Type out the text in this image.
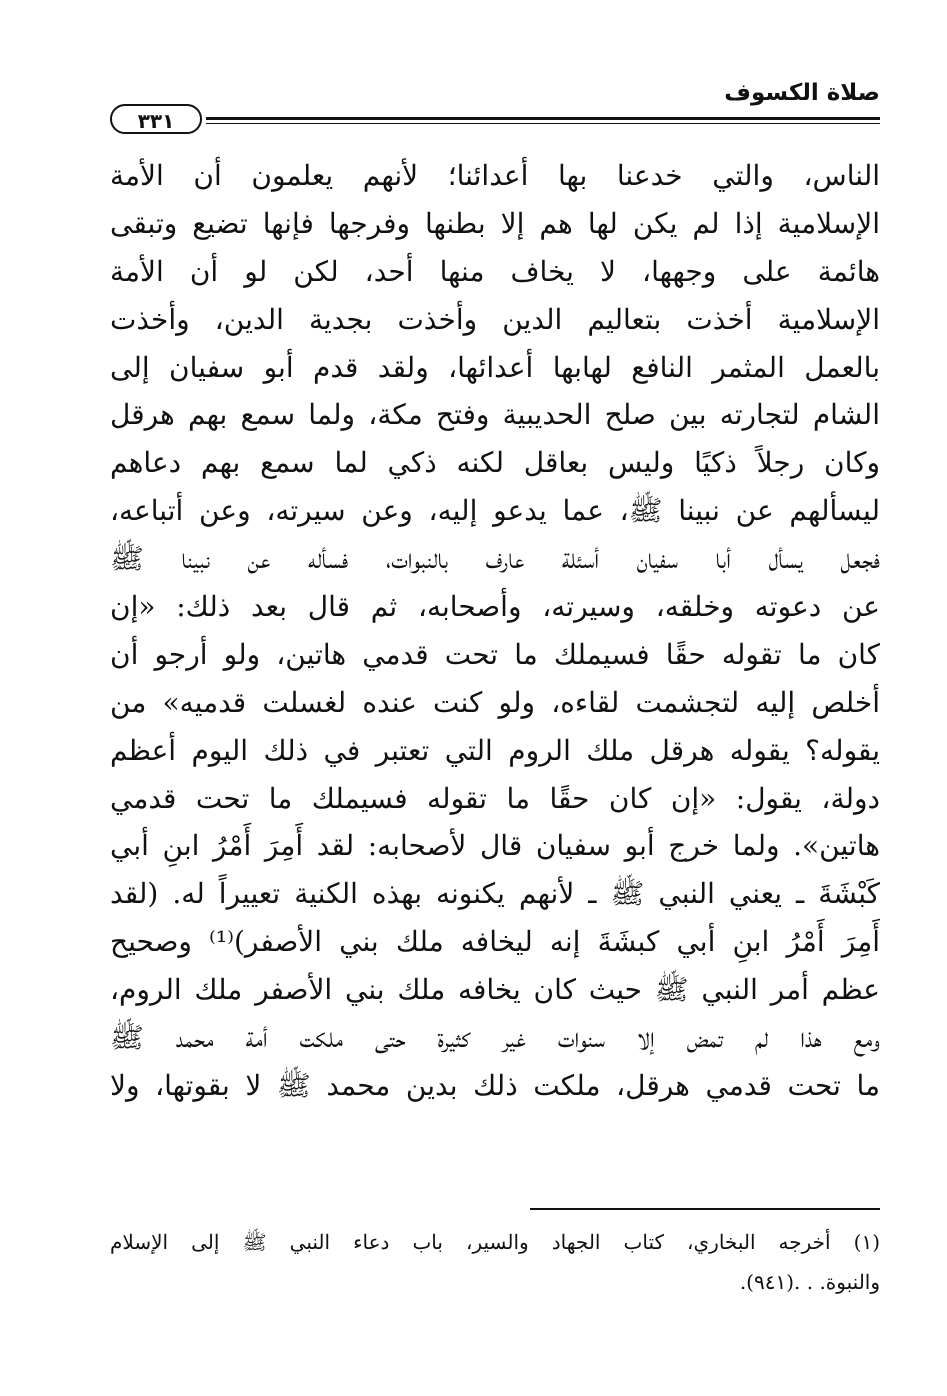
صلاة الكسوف
٣٣١
الناس، والتي خدعنا بها أعدائنا؛ لأنهم يعلمون أن الأمة
الإسلامية إذا لم يكن لها هم إلا بطنها وفرجها فإنها تضيع وتبقى
هائمة على وجهها، لا يخاف منها أحد، لكن لو أن الأمة
الإسلامية أخذت بتعاليم الدين وأخذت بجدية الدين، وأخذت
بالعمل المثمر النافع لهابها أعدائها، ولقد قدم أبو سفيان إلى
الشام لتجارته بين صلح الحديبية وفتح مكة، ولما سمع بهم هرقل
وكان رجلاً ذكيًا وليس بعاقل لكنه ذكي لما سمع بهم دعاهم
ليسألهم عن نبينا ﷺ، عما يدعو إليه، وعن سيرته، وعن أتباعه،
فجعل يسأل أبا سفيان أسئلة عارف بالنبوات، فسأله عن نبينا ﷺ
عن دعوته وخلقه، وسيرته، وأصحابه، ثم قال بعد ذلك: «إن
كان ما تقوله حقًا فسيملك ما تحت قدمي هاتين، ولو أرجو أن
أخلص إليه لتجشمت لقاءه، ولو كنت عنده لغسلت قدميه» من
يقوله؟ يقوله هرقل ملك الروم التي تعتبر في ذلك اليوم أعظم
دولة، يقول: «إن كان حقًا ما تقوله فسيملك ما تحت قدمي
هاتين». ولما خرج أبو سفيان قال لأصحابه: لقد أَمِرَ أَمْرُ ابنِ أبي
كَبْشَةَ ـ يعني النبي ﷺ ـ لأنهم يكنونه بهذه الكنية تعييراً له. (لقد
أَمِرَ أَمْرُ ابنِ أبي كبشَةَ إنه ليخافه ملك بني الأصفر)⁽¹⁾ وصحيح
عظم أمر النبي ﷺ حيث كان يخافه ملك بني الأصفر ملك الروم،
ومع هذا لم تمض إلا سنوات غير كثيرة حتى ملكت أمة محمد ﷺ
ما تحت قدمي هرقل، ملكت ذلك بدين محمد ﷺ لا بقوتها، ولا
(١) أخرجه البخاري، كتاب الجهاد والسير، باب دعاء النبي ﷺ إلى الإسلام
والنبوة. . .(٩٤١).
